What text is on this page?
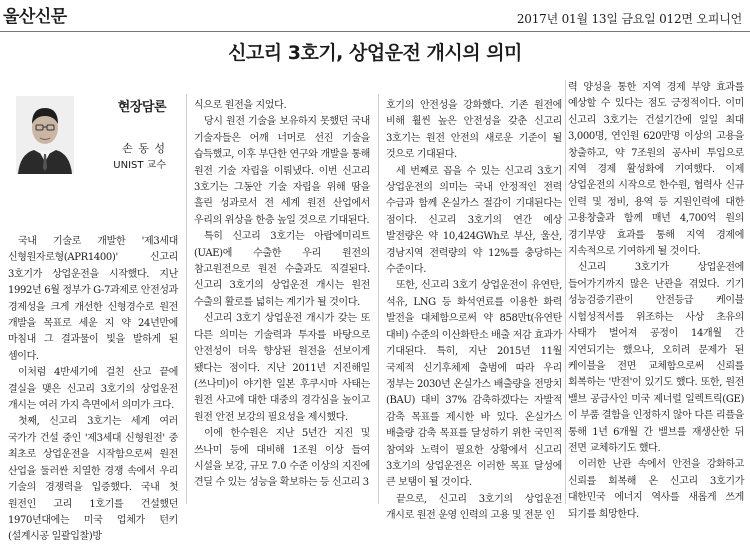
울산신문	2017년 01월 13일 금요일 012면 오피니언
신고리 3호기, 상업운전 개시의 의미
현장담론
손 동 성
UNIST 교수

국내 기술로 개발한 '제3세대 신형원자로형(APR1400)' 신고리 3호기가 상업운전을 시작했다. 지난 1992년 6월 정부가 G-7과제로 안전성과 경제성을 크게 개선한 신형경수로 원전 개발을 목표로 세운 지 약 24년만에 마침내 그 결과물이 빛을 발하게 된 셈이다.

이처럼 4반세기에 걸친 산고 끝에 결실을 맺은 신고리 3호기의 상업운전 개시는 여러 가지 측면에서 의미가 크다.

첫째, 신고리 3호기는 세계 여러 국가가 건설 중인 '제3세대 신형원전' 중 최초로 상업운전을 시작함으로써 원전 산업을 둘러싼 치열한 경쟁 속에서 우리 기술의 경쟁력을 입증했다. 국내 첫 원전인 고리 1호기를 건설했던 1970년대에는 미국 업체가 턴키(설계시공 일괄입찰)방

식으로 원전을 지었다.

당시 원전 기술을 보유하지 못했던 국내 기술자들은 어깨 너머로 선진 기술을 습득했고, 이후 부단한 연구와 개발을 통해 원전 기술 자립을 이뤄냈다. 이번 신고리 3호기는 그동안 기술 자립을 위해 땀을 흘린 성과로서 전 세계 원전 산업에서 우리의 위상을 한층 높일 것으로 기대된다.

특히 신고리 3호기는 아랍에미리트(UAE)에 수출한 우리 원전의 참고원전으로 원전 수출과도 직결된다. 신고리 3호기의 상업운전 개시는 원전 수출의 활로를 넓히는 계기가 될 것이다.

신고리 3호기 상업운전 개시가 갖는 또 다른 의미는 기술력과 투자를 바탕으로 안전성이 더욱 향상된 원전을 선보이게 됐다는 점이다. 지난 2011년 지진해일(쓰나미)이 야기한 일본 후쿠시마 사태는 원전 사고에 대한 대중의 경각심을 높이고 원전 안전 보강의 필요성을 제시했다.

이에 한수원은 지난 5년간 지진 및 쓰나미 등에 대비해 1조원 이상 들여 시설을 보강, 규모 7.0 수준 이상의 지진에 견딜 수 있는 성능을 확보하는 등 신고리 3

호기의 안전성을 강화했다. 기존 원전에 비해 훨씬 높은 안전성을 갖춘 신고리 3호기는 원전 안전의 새로운 기준이 될 것으로 기대된다.

세 번째로 꼽을 수 있는 신고리 3호기 상업운전의 의미는 국내 안정적인 전력 수급과 함께 온실가스 절감이 기대된다는 점이다. 신고리 3호기의 연간 예상 발전량은 약 10,424GWh로 부산, 울산, 경남지역 전력량의 약 12%를 충당하는 수준이다.

또한, 신고리 3호기 상업운전이 유연탄, 석유, LNG 등 화석연료를 이용한 화력 발전을 대체함으로써 약 858만t(유연탄 대비) 수준의 이산화탄소 배출 저감 효과가 기대된다. 특히, 지난 2015년 11월 국제적 신기후체제 출범에 따라 우리 정부는 2030년 온실가스 배출량을 전망치(BAU) 대비 37% 감축하겠다는 자발적 감축 목표를 제시한 바 있다. 온실가스 배출량 감축 목표를 달성하기 위한 국민적 참여와 노력이 필요한 상황에서 신고리 3호기의 상업운전은 이러한 목표 달성에 큰 보탬이 될 것이다.

끝으로, 신고리 3호기의 상업운전 개시로 원전 운영 인력의 고용 및 전문 인

력 양성을 통한 지역 경제 부양 효과를 예상할 수 있다는 점도 긍정적이다. 이미 신고리 3호기는 건설기간에 일일 최대 3,000명, 연인원 620만명 이상의 고용을 창출하고, 약 7조원의 공사비 투입으로 지역 경제 활성화에 기여했다. 이제 상업운전의 시작으로 한수원, 협력사 신규 인력 및 정비, 용역 등 지원인력에 대한 고용창출과 함께 매년 4,700억 원의 경기부양 효과를 통해 지역 경제에 지속적으로 기여하게 될 것이다.

신고리 3호기가 상업운전에 들어가기까지 많은 난관을 겪었다. 기기 성능검증기관이 안전등급 케이블 시험성적서를 위조하는 사상 초유의 사태가 벌어져 공정이 14개월 간 지연되기는 했으나, 오히려 문제가 된 케이블을 전면 교체함으로써 신뢰를 회복하는 '반전'이 있기도 했다. 또한, 원전 밸브 공급사인 미국 제너럴 일렉트릭(GE)이 부품 결함을 인정하지 않아 다른 리플을 통해 1년 6개월 간 밸브를 재생산한 뒤 전면 교체하기도 했다.

이러한 난관 속에서 안전을 강화하고 신뢰를 회복해 온 신고리 3호기가 대한민국 에너지 역사를 새롭게 쓰게 되기를 희망한다.
